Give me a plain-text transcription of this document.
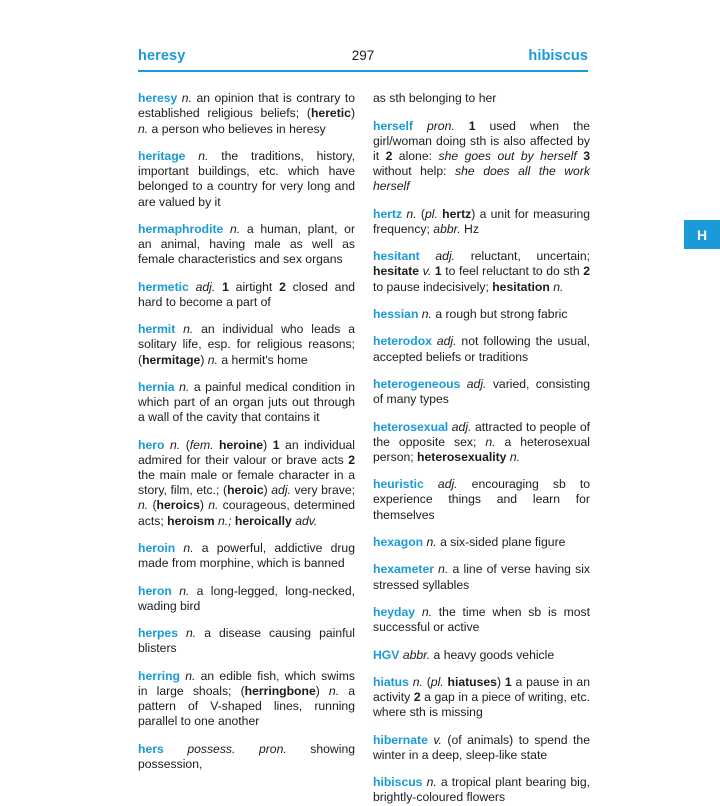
heresy	297	hibiscus

heresy n. an opinion that is contrary to established religious beliefs; (heretic) n. a person who believes in heresy

heritage n. the traditions, history, important buildings, etc. which have belonged to a country for very long and are valued by it

hermaphrodite n. a human, plant, or an animal, having male as well as female characteristics and sex organs

hermetic adj. 1 airtight 2 closed and hard to become a part of

hermit n. an individual who leads a solitary life, esp. for religious reasons; (hermitage) n. a hermit's home

hernia n. a painful medical condition in which part of an organ juts out through a wall of the cavity that contains it

hero n. (fem. heroine) 1 an individual admired for their valour or brave acts 2 the main male or female character in a story, film, etc.; (heroic) adj. very brave; n. (heroics) n. courageous, determined acts; heroism n.; heroically adv.

heroin n. a powerful, addictive drug made from morphine, which is banned

heron n. a long-legged, long-necked, wading bird

herpes n. a disease causing painful blisters

herring n. an edible fish, which swims in large shoals; (herringbone) n. a pattern of V-shaped lines, running parallel to one another

hers possess. pron. showing possession,

as sth belonging to her

herself pron. 1 used when the girl/woman doing sth is also affected by it 2 alone: she goes out by herself 3 without help: she does all the work herself

hertz n. (pl. hertz) a unit for measuring frequency; abbr. Hz

hesitant adj. reluctant, uncertain; hesitate v. 1 to feel reluctant to do sth 2 to pause indecisively; hesitation n.

hessian n. a rough but strong fabric

heterodox adj. not following the usual, accepted beliefs or traditions

heterogeneous adj. varied, consisting of many types

heterosexual adj. attracted to people of the opposite sex; n. a heterosexual person; heterosexuality n.

heuristic adj. encouraging sb to experience things and learn for themselves

hexagon n. a six-sided plane figure

hexameter n. a line of verse having six stressed syllables

heyday n. the time when sb is most successful or active

HGV abbr. a heavy goods vehicle

hiatus n. (pl. hiatuses) 1 a pause in an activity 2 a gap in a piece of writing, etc. where sth is missing

hibernate v. (of animals) to spend the winter in a deep, sleep-like state

hibiscus n. a tropical plant bearing big, brightly-coloured flowers

H
